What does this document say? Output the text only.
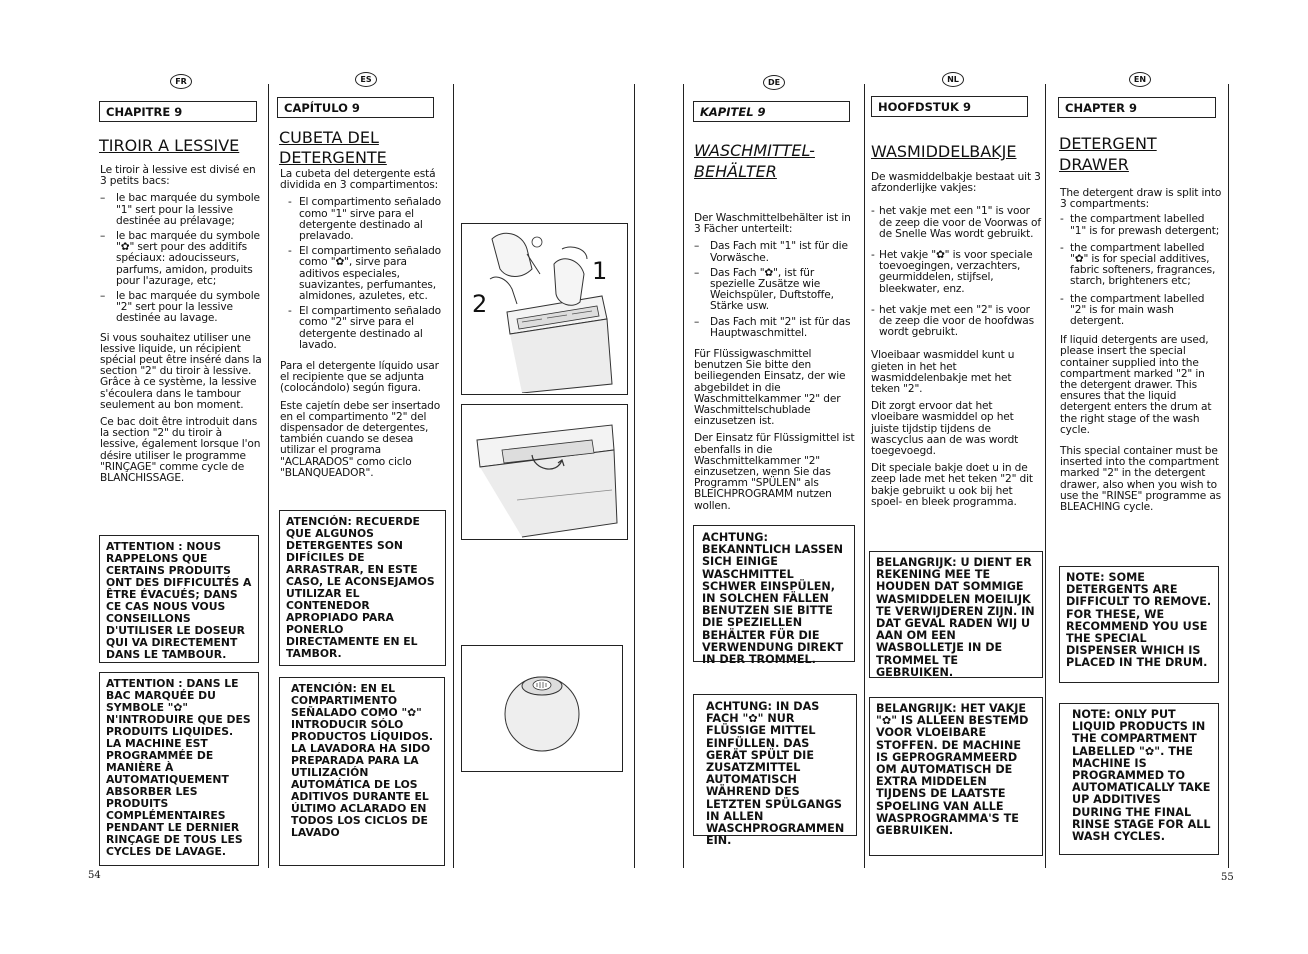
FR	ES	DE	NL	EN
CHAPITRE 9
TIROIR A LESSIVE

Le tiroir à lessive est divisé en 3 petits bacs:

– le bac marquée du symbole "1" sert pour la lessive destinée au prélavage;
– le bac marquée du symbole "✿" sert pour des additifs spéciaux: adoucisseurs, parfums, amidon, produits pour l'azurage, etc;
– le bac marquée du symbole "2" sert pour la lessive destinée au lavage.

Si vous souhaitez utiliser une lessive liquide, un récipient spécial peut être inséré dans la section "2" du tiroir à lessive. Grâce à ce système, la lessive s'écoulera dans le tambour seulement au bon moment.

Ce bac doit être introduit dans la section "2" du tiroir à lessive, également lorsque l'on désire utiliser le programme "RINÇAGE" comme cycle de BLANCHISSAGE.

ATTENTION : NOUS RAPPELONS QUE CERTAINS PRODUITS ONT DES DIFFICULTÉS A ÊTRE ÉVACUÉS; DANS CE CAS NOUS VOUS CONSEILLONS D'UTILISER LE DOSEUR QUI VA DIRECTEMENT DANS LE TAMBOUR.
ATTENTION : DANS LE BAC MARQUÉE DU SYMBOLE "✿" N'INTRODUIRE QUE DES PRODUITS LIQUIDES. LA MACHINE EST PROGRAMMÉE DE MANIÈRE À AUTOMATIQUEMENT ABSORBER LES PRODUITS COMPLÉMENTAIRES PENDANT LE DERNIER RINÇAGE DE TOUS LES CYCLES DE LAVAGE.
CAPÍTULO 9
CUBETA DEL DETERGENTE

La cubeta del detergente está dividida en 3 compartimentos:

- El compartimento señalado como "1" sirve para el detergente destinado al prelavado.
- El compartimento señalado como "✿", sirve para aditivos especiales, suavizantes, perfumantes, almidones, azuletes, etc.
- El compartimento señalado como "2" sirve para el detergente destinado al lavado.

Para el detergente líquido usar el recipiente que se adjunta (colocándolo) según figura.

Este cajetín debe ser insertado en el compartimento "2" del dispensador de detergentes, también cuando se desea utilizar el programa "ACLARADOS" como ciclo "BLANQUEADOR".

ATENCIÓN: RECUERDE QUE ALGUNOS DETERGENTES SON DIFÍCILES DE ARRASTRAR, EN ESTE CASO, LE ACONSEJAMOS UTILIZAR EL CONTENEDOR APROPIADO PARA PONERLO DIRECTAMENTE EN EL TAMBOR.
ATENCIÓN: EN EL COMPARTIMENTO SEÑALADO COMO "✿" INTRODUCIR SÓLO PRODUCTOS LÍQUIDOS. LA LAVADORA HA SIDO PREPARADA PARA LA UTILIZACIÓN AUTOMÁTICA DE LOS ADITIVOS DURANTE EL ÚLTIMO ACLARADO EN TODOS LOS CICLOS DE LAVADO
1
2
KAPITEL 9
WASCHMITTEL-BEHÄLTER

Der Waschmittelbehälter ist in 3 Fächer unterteilt:

– Das Fach mit "1" ist für die Vorwäsche.
– Das Fach "✿", ist für spezielle Zusätze wie Weichspüler, Duftstoffe, Stärke usw.
– Das Fach mit "2" ist für das Hauptwaschmittel.

Für Flüssigwaschmittel benutzen Sie bitte den beiliegenden Einsatz, der wie abgebildet in die Waschmittelkammer "2" der Waschmittelschublade einzusetzen ist.

Der Einsatz für Flüssigmittel ist ebenfalls in die Waschmittelkammer "2" einzusetzen, wenn Sie das Programm "SPÜLEN" als BLEICHPROGRAMM nutzen wollen.

ACHTUNG: BEKANNTLICH LASSEN SICH EINIGE WASCHMITTEL SCHWER EINSPÜLEN, IN SOLCHEN FÄLLEN BENUTZEN SIE BITTE DIE SPEZIELLEN BEHÄLTER FÜR DIE VERWENDUNG DIREKT IN DER TROMMEL.
ACHTUNG: IN DAS FACH "✿" NUR FLÜSSIGE MITTEL EINFÜLLEN. DAS GERÄT SPÜLT DIE ZUSATZMITTEL AUTOMATISCH WÄHREND DES LETZTEN SPÜLGANGS IN ALLEN WASCHPROGRAMMEN EIN.
HOOFDSTUK 9
WASMIDDELBAKJE

De wasmiddelbakje bestaat uit 3 afzonderlijke vakjes:

- het vakje met een "1" is voor de zeep die voor de Voorwas of de Snelle Was wordt gebruikt.
- Het vakje "✿" is voor speciale toevoegingen, verzachters, geurmiddelen, stijfsel, bleekwater, enz.
- het vakje met een "2" is voor de zeep die voor de hoofdwas wordt gebruikt.

Vloeibaar wasmiddel kunt u gieten in het het wasmiddelenbakje met het teken "2".

Dit zorgt ervoor dat het vloeibare wasmiddel op het juiste tijdstip tijdens de wascyclus aan de was wordt toegevoegd.

Dit speciale bakje doet u in de zeep lade met het teken "2" dit bakje gebruikt u ook bij het spoel- en bleek programma.

BELANGRIJK: U DIENT ER REKENING MEE TE HOUDEN DAT SOMMIGE WASMIDDELEN MOEILIJK TE VERWIJDEREN ZIJN. IN DAT GEVAL RADEN WIJ U AAN OM EEN WASBOLLETJE IN DE TROMMEL TE GEBRUIKEN.
BELANGRIJK: HET VAKJE "✿" IS ALLEEN BESTEMD VOOR VLOEIBARE STOFFEN. DE MACHINE IS GEPROGRAMMEERD OM AUTOMATISCH DE EXTRA MIDDELEN TIJDENS DE LAATSTE SPOELING VAN ALLE WASPROGRAMMA'S TE GEBRUIKEN.
CHAPTER 9
DETERGENT DRAWER

The detergent draw is split into 3 compartments:

- the compartment labelled "1" is for prewash detergent;
- the compartment labelled "✿" is for special additives, fabric softeners, fragrances, starch, brighteners etc;
- the compartment labelled "2" is for main wash detergent.

If liquid detergents are used, please insert the special container supplied into the compartment marked "2" in the detergent drawer. This ensures that the liquid detergent enters the drum at the right stage of the wash cycle.

This special container must be inserted into the compartment marked "2" in the detergent drawer, also when you wish to use the "RINSE" programme as BLEACHING cycle.

NOTE: SOME DETERGENTS ARE DIFFICULT TO REMOVE. FOR THESE, WE RECOMMEND YOU USE THE SPECIAL DISPENSER WHICH IS PLACED IN THE DRUM.
NOTE: ONLY PUT LIQUID PRODUCTS IN THE COMPARTMENT LABELLED "✿". THE MACHINE IS PROGRAMMED TO AUTOMATICALLY TAKE UP ADDITIVES DURING THE FINAL RINSE STAGE FOR ALL WASH CYCLES.
54	55
